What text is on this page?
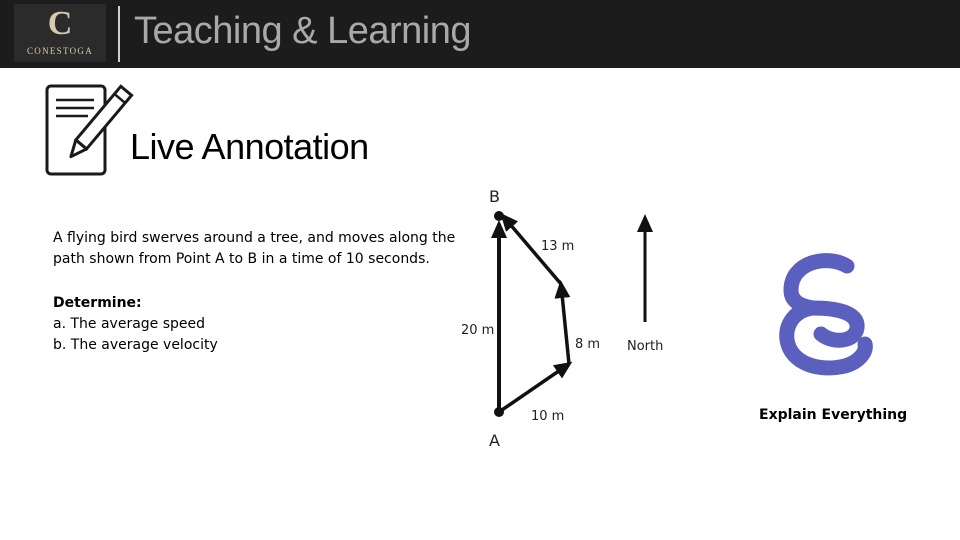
C
CONESTOGA	Teaching & Learning
Live Annotation

A flying bird swerves around a tree, and moves along the

path shown from Point A to B in a time of 10 seconds.

Determine:
a. The average speed
b. The average velocity
B
A
13 m
20 m
8 m
10 m
North
Explain Everything
